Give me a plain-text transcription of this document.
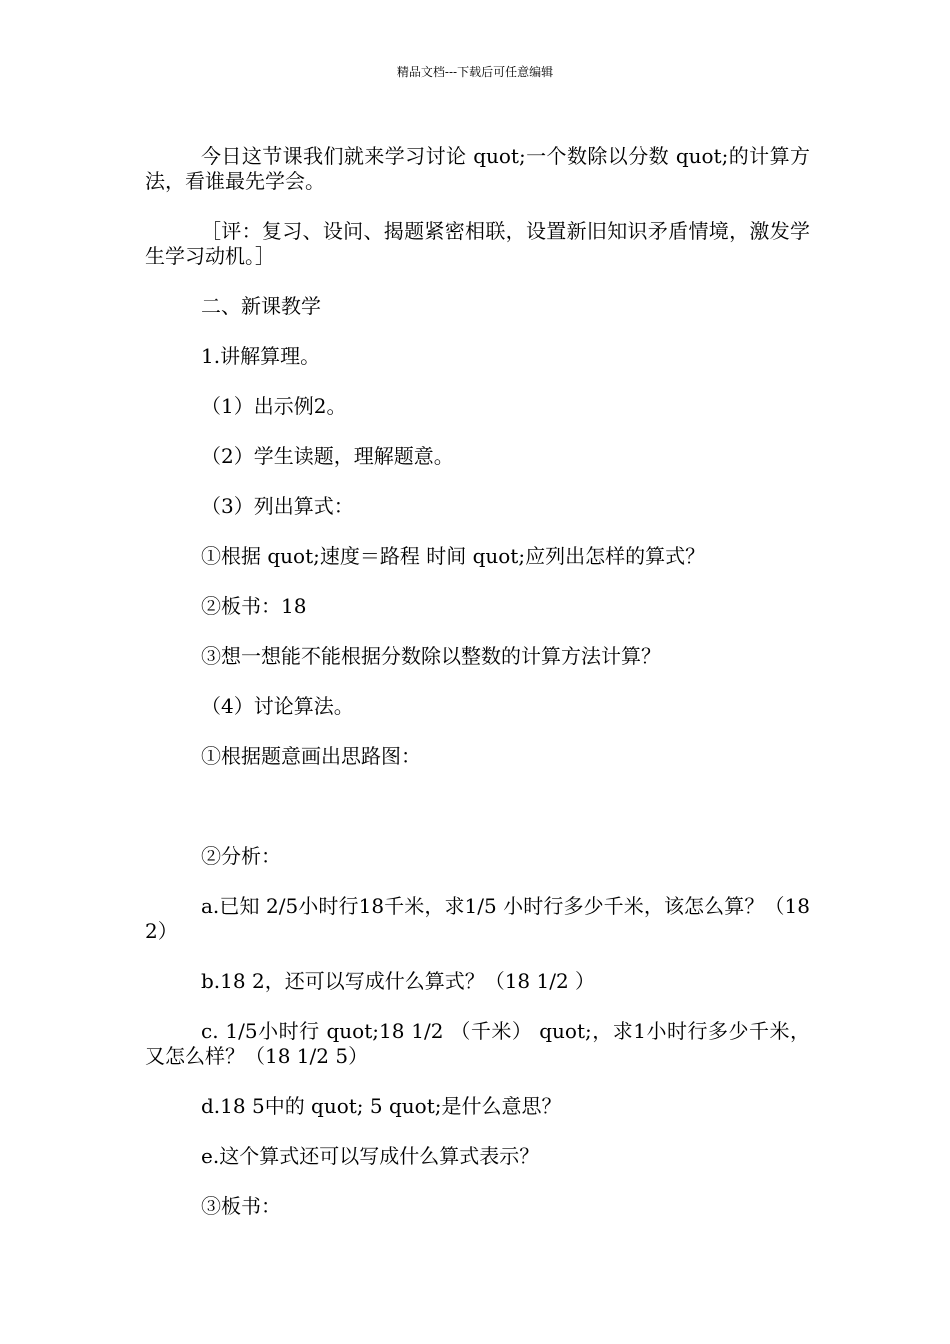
精品文档---下载后可任意编辑

今日这节课我们就来学习讨论 quot;一个数除以分数 quot;的计算方法，看谁最先学会。

［评：复习、设问、揭题紧密相联，设置新旧知识矛盾情境，激发学生学习动机。］

二、新课教学

1.讲解算理。

（1）出示例2。

（2）学生读题，理解题意。

（3）列出算式：

①根据 quot;速度＝路程 时间 quot;应列出怎样的算式？

②板书：18

③想一想能不能根据分数除以整数的计算方法计算？

（4）讨论算法。

①根据题意画出思路图：

②分析：

a.已知 2/5小时行18千米，求1/5 小时行多少千米，该怎么算？（18 2）

b.18 2，还可以写成什么算式？（18 1/2 ）

c. 1/5小时行 quot;18 1/2 （千米） quot;，求1小时行多少千米，又怎么样？（18 1/2 5）

d.18 5中的 quot; 5 quot;是什么意思？

e.这个算式还可以写成什么算式表示？

③板书：
